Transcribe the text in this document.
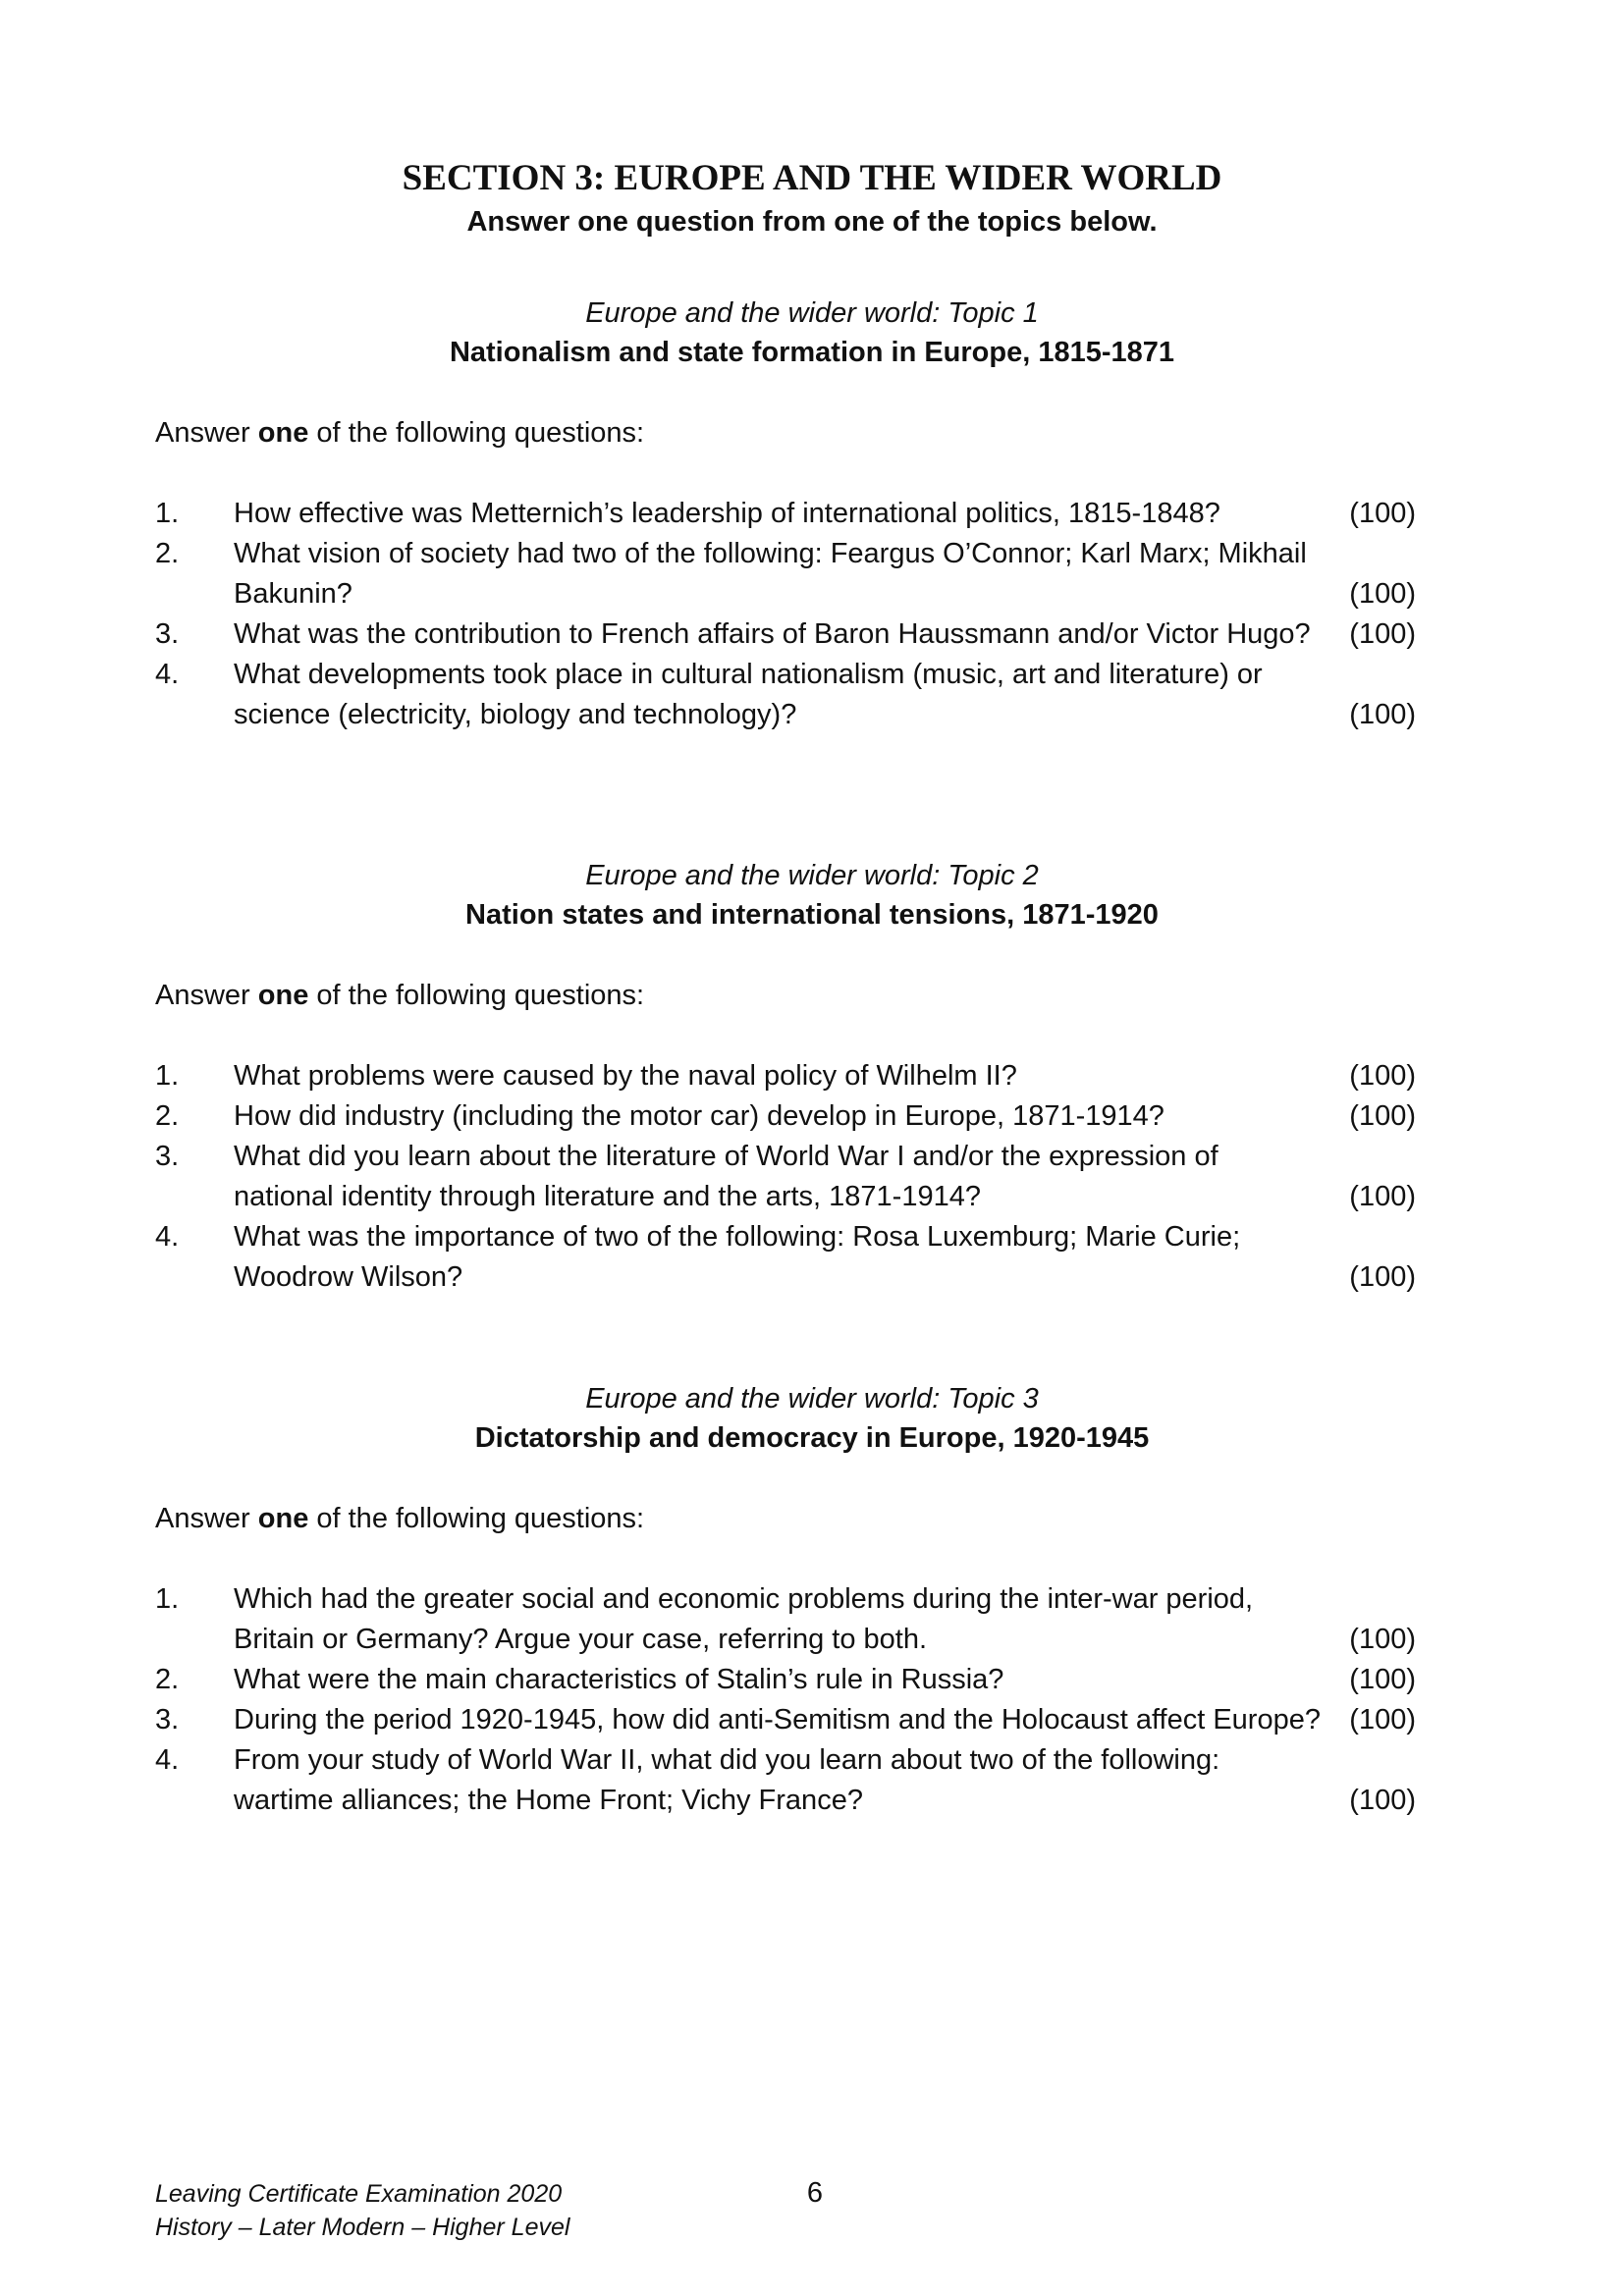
SECTION 3: EUROPE AND THE WIDER WORLD
Answer one question from one of the topics below.
Europe and the wider world: Topic 1
Nationalism and state formation in Europe, 1815-1871
Answer one of the following questions:
1. How effective was Metternich’s leadership of international politics, 1815-1848?	(100)
2. What vision of society had two of the following: Feargus O’Connor; Karl Marx; Mikhail Bakunin?	(100)
3. What was the contribution to French affairs of Baron Haussmann and/or Victor Hugo?	(100)
4. What developments took place in cultural nationalism (music, art and literature) or science (electricity, biology and technology)?	(100)
Europe and the wider world: Topic 2
Nation states and international tensions, 1871-1920
Answer one of the following questions:
1. What problems were caused by the naval policy of Wilhelm II?	(100)
2. How did industry (including the motor car) develop in Europe, 1871-1914?	(100)
3. What did you learn about the literature of World War I and/or the expression of national identity through literature and the arts, 1871-1914?	(100)
4. What was the importance of two of the following: Rosa Luxemburg; Marie Curie; Woodrow Wilson?	(100)
Europe and the wider world: Topic 3
Dictatorship and democracy in Europe, 1920-1945
Answer one of the following questions:
1. Which had the greater social and economic problems during the inter-war period, Britain or Germany? Argue your case, referring to both.	(100)
2. What were the main characteristics of Stalin’s rule in Russia?	(100)
3. During the period 1920-1945, how did anti-Semitism and the Holocaust affect Europe? (100)
4. From your study of World War II, what did you learn about two of the following: wartime alliances; the Home Front; Vichy France?	(100)
Leaving Certificate Examination 2020
History – Later Modern – Higher Level
6
